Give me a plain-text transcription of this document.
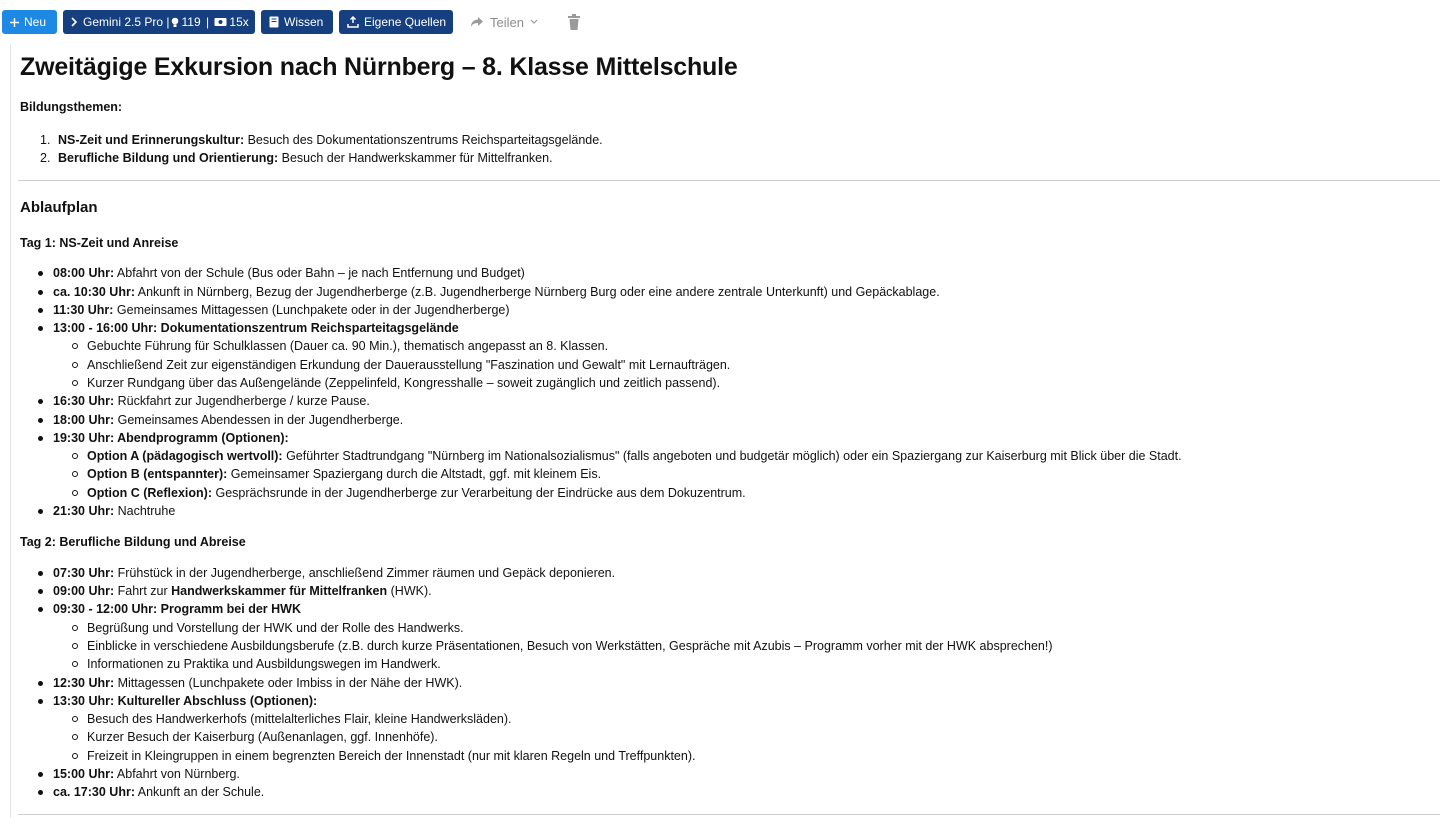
Neu	Gemini 2.5 Pro | 119 | 15x	Wissen	Eigene Quellen	Teilen
Zweitägige Exkursion nach Nürnberg – 8. Klasse Mittelschule
Bildungsthemen:
1. NS-Zeit und Erinnerungskultur: Besuch des Dokumentationszentrums Reichsparteitagsgelände.
2. Berufliche Bildung und Orientierung: Besuch der Handwerkskammer für Mittelfranken.
Ablaufplan
Tag 1: NS-Zeit und Anreise
08:00 Uhr: Abfahrt von der Schule (Bus oder Bahn – je nach Entfernung und Budget)
ca. 10:30 Uhr: Ankunft in Nürnberg, Bezug der Jugendherberge (z.B. Jugendherberge Nürnberg Burg oder eine andere zentrale Unterkunft) und Gepäckablage.
11:30 Uhr: Gemeinsames Mittagessen (Lunchpakete oder in der Jugendherberge)
13:00 - 16:00 Uhr: Dokumentationszentrum Reichsparteitagsgelände
Gebuchte Führung für Schulklassen (Dauer ca. 90 Min.), thematisch angepasst an 8. Klassen.
Anschließend Zeit zur eigenständigen Erkundung der Dauerausstellung "Faszination und Gewalt" mit Lernaufträgen.
Kurzer Rundgang über das Außengelände (Zeppelinfeld, Kongresshalle – soweit zugänglich und zeitlich passend).
16:30 Uhr: Rückfahrt zur Jugendherberge / kurze Pause.
18:00 Uhr: Gemeinsames Abendessen in der Jugendherberge.
19:30 Uhr: Abendprogramm (Optionen):
Option A (pädagogisch wertvoll): Geführter Stadtrundgang "Nürnberg im Nationalsozialismus" (falls angeboten und budgetär möglich) oder ein Spaziergang zur Kaiserburg mit Blick über die Stadt.
Option B (entspannter): Gemeinsamer Spaziergang durch die Altstadt, ggf. mit kleinem Eis.
Option C (Reflexion): Gesprächsrunde in der Jugendherberge zur Verarbeitung der Eindrücke aus dem Dokuzentrum.
21:30 Uhr: Nachtruhe
Tag 2: Berufliche Bildung und Abreise
07:30 Uhr: Frühstück in der Jugendherberge, anschließend Zimmer räumen und Gepäck deponieren.
09:00 Uhr: Fahrt zur Handwerkskammer für Mittelfranken (HWK).
09:30 - 12:00 Uhr: Programm bei der HWK
Begrüßung und Vorstellung der HWK und der Rolle des Handwerks.
Einblicke in verschiedene Ausbildungsberufe (z.B. durch kurze Präsentationen, Besuch von Werkstätten, Gespräche mit Azubis – Programm vorher mit der HWK absprechen!)
Informationen zu Praktika und Ausbildungswegen im Handwerk.
12:30 Uhr: Mittagessen (Lunchpakete oder Imbiss in der Nähe der HWK).
13:30 Uhr: Kultureller Abschluss (Optionen):
Besuch des Handwerkerhofs (mittelalterliches Flair, kleine Handwerksläden).
Kurzer Besuch der Kaiserburg (Außenanlagen, ggf. Innenhöfe).
Freizeit in Kleingruppen in einem begrenzten Bereich der Innenstadt (nur mit klaren Regeln und Treffpunkten).
15:00 Uhr: Abfahrt von Nürnberg.
ca. 17:30 Uhr: Ankunft an der Schule.
